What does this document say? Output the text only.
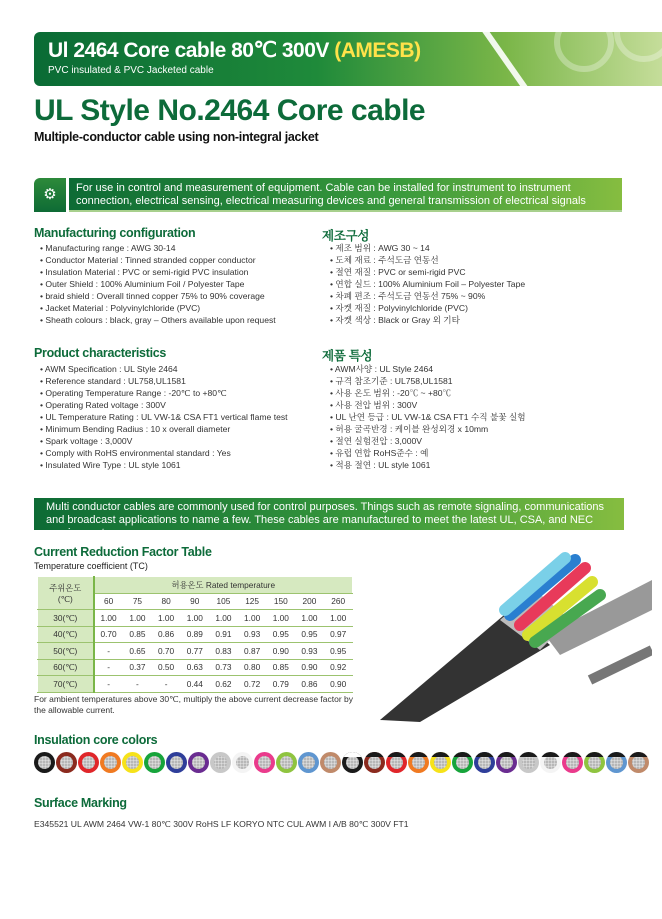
Ul 2464 Core cable 80℃ 300V (AMESB)

PVC insulated & PVC Jacketed cable

UL Style No.2464 Core cable
Multiple-conductor cable using non-integral jacket
⚙	For use in control and measurement of equipment. Cable can be installed for instrument to instrument connection, electrical sensing, electrical measuring devices and general transmission of electrical signals
Manufacturing configuration
• Manufacturing range : AWG 30-14
• Conductor Material : Tinned stranded copper conductor
• Insulation Material : PVC or semi-rigid PVC insulation
• Outer Shield : 100% Aluminium Foil / Polyester Tape
• braid shield : Overall tinned copper 75% to 90% coverage
• Jacket Material : Polyvinylchloride (PVC)
• Sheath colours : black, gray – Others available upon request
제조구성
• 제조 범위 : AWG 30 ~ 14
• 도체 재료 : 주석도금 연동선
• 절연 재질 : PVC or semi-rigid PVC
• 연합 실드 : 100% Aluminium Foil – Polyester Tape
• 차폐 편조 : 주석도금 연동선 75% ~ 90%
• 자켓 재질 : Polyvinylchloride (PVC)
• 자켓 색상 : Black or Gray 외 기타
Product characteristics
• AWM Specification : UL Style 2464
• Reference standard : UL758,UL1581
• Operating Temperature Range : -20℃ to +80℃
• Operating Rated voltage : 300V
• UL Temperature Rating : UL VW-1& CSA FT1 vertical flame test
• Minimum Bending Radius : 10 x overall diameter
• Spark voltage : 3,000V
• Comply with RoHS environmental standard : Yes
• Insulated Wire Type : UL style 1061
제품 특성
• AWM사양 : UL Style 2464
• 규격 참조기준 : UL758,UL1581
• 사용 온도 범위 : -20℃ ~ +80℃
• 사용 전압 범위 : 300V
• UL 난연 등급 : UL VW-1& CSA FT1 수직 불꽃 실험
• 허용 굴곡반경 : 케이블 완성외경 x 10mm
• 절연 실험전압 : 3,000V
• 유럽 연합 RoHS준수 : 예
• 적용 절연 : UL style 1061
Multi conductor cables are commonly used for control purposes. Things such as remote signaling, communications and broadcast applications to name a few. These cables are manufactured to meet the latest UL, CSA, and NEC requirements.
Current Reduction Factor Table
Temperature coefficient (TC)
주위온도
(℃)	허용온도 Rated temperature								
	60	75	80	90	105	125	150	200	260
30(℃)	1.00	1.00	1.00	1.00	1.00	1.00	1.00	1.00	1.00
40(℃)	0.70	0.85	0.86	0.89	0.91	0.93	0.95	0.95	0.97
50(℃)	-	0.65	0.70	0.77	0.83	0.87	0.90	0.93	0.95
60(℃)	-	0.37	0.50	0.63	0.73	0.80	0.85	0.90	0.92
70(℃)	-	-	-	0.44	0.62	0.72	0.79	0.86	0.90
For ambient temperatures above 30℃, multiply the above current decrease factor by the allowable current.
Insulation core colors
Surface Marking
E345521 UL AWM 2464 VW-1 80℃ 300V RoHS LF KORYO NTC CUL AWM I A/B 80℃ 300V FT1
